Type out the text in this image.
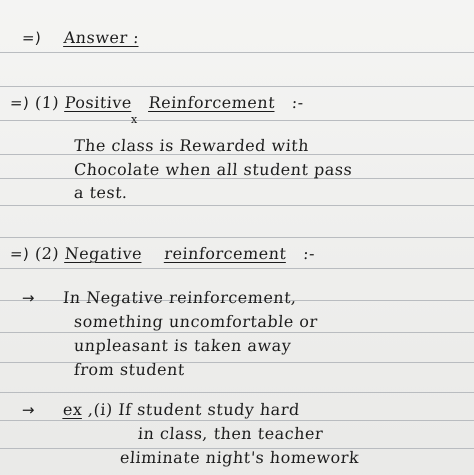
=) Answer :
=) (1) Positive Reinforcement :-
x
The class is Rewarded with
Chocolate when all student pass
a test.
=) (2) Negative reinforcement :-
→ In Negative reinforcement,
something uncomfortable or
unpleasant is taken away
from student
→ ex ,(i) If student study hard
in class, then teacher
eliminate night's homework
